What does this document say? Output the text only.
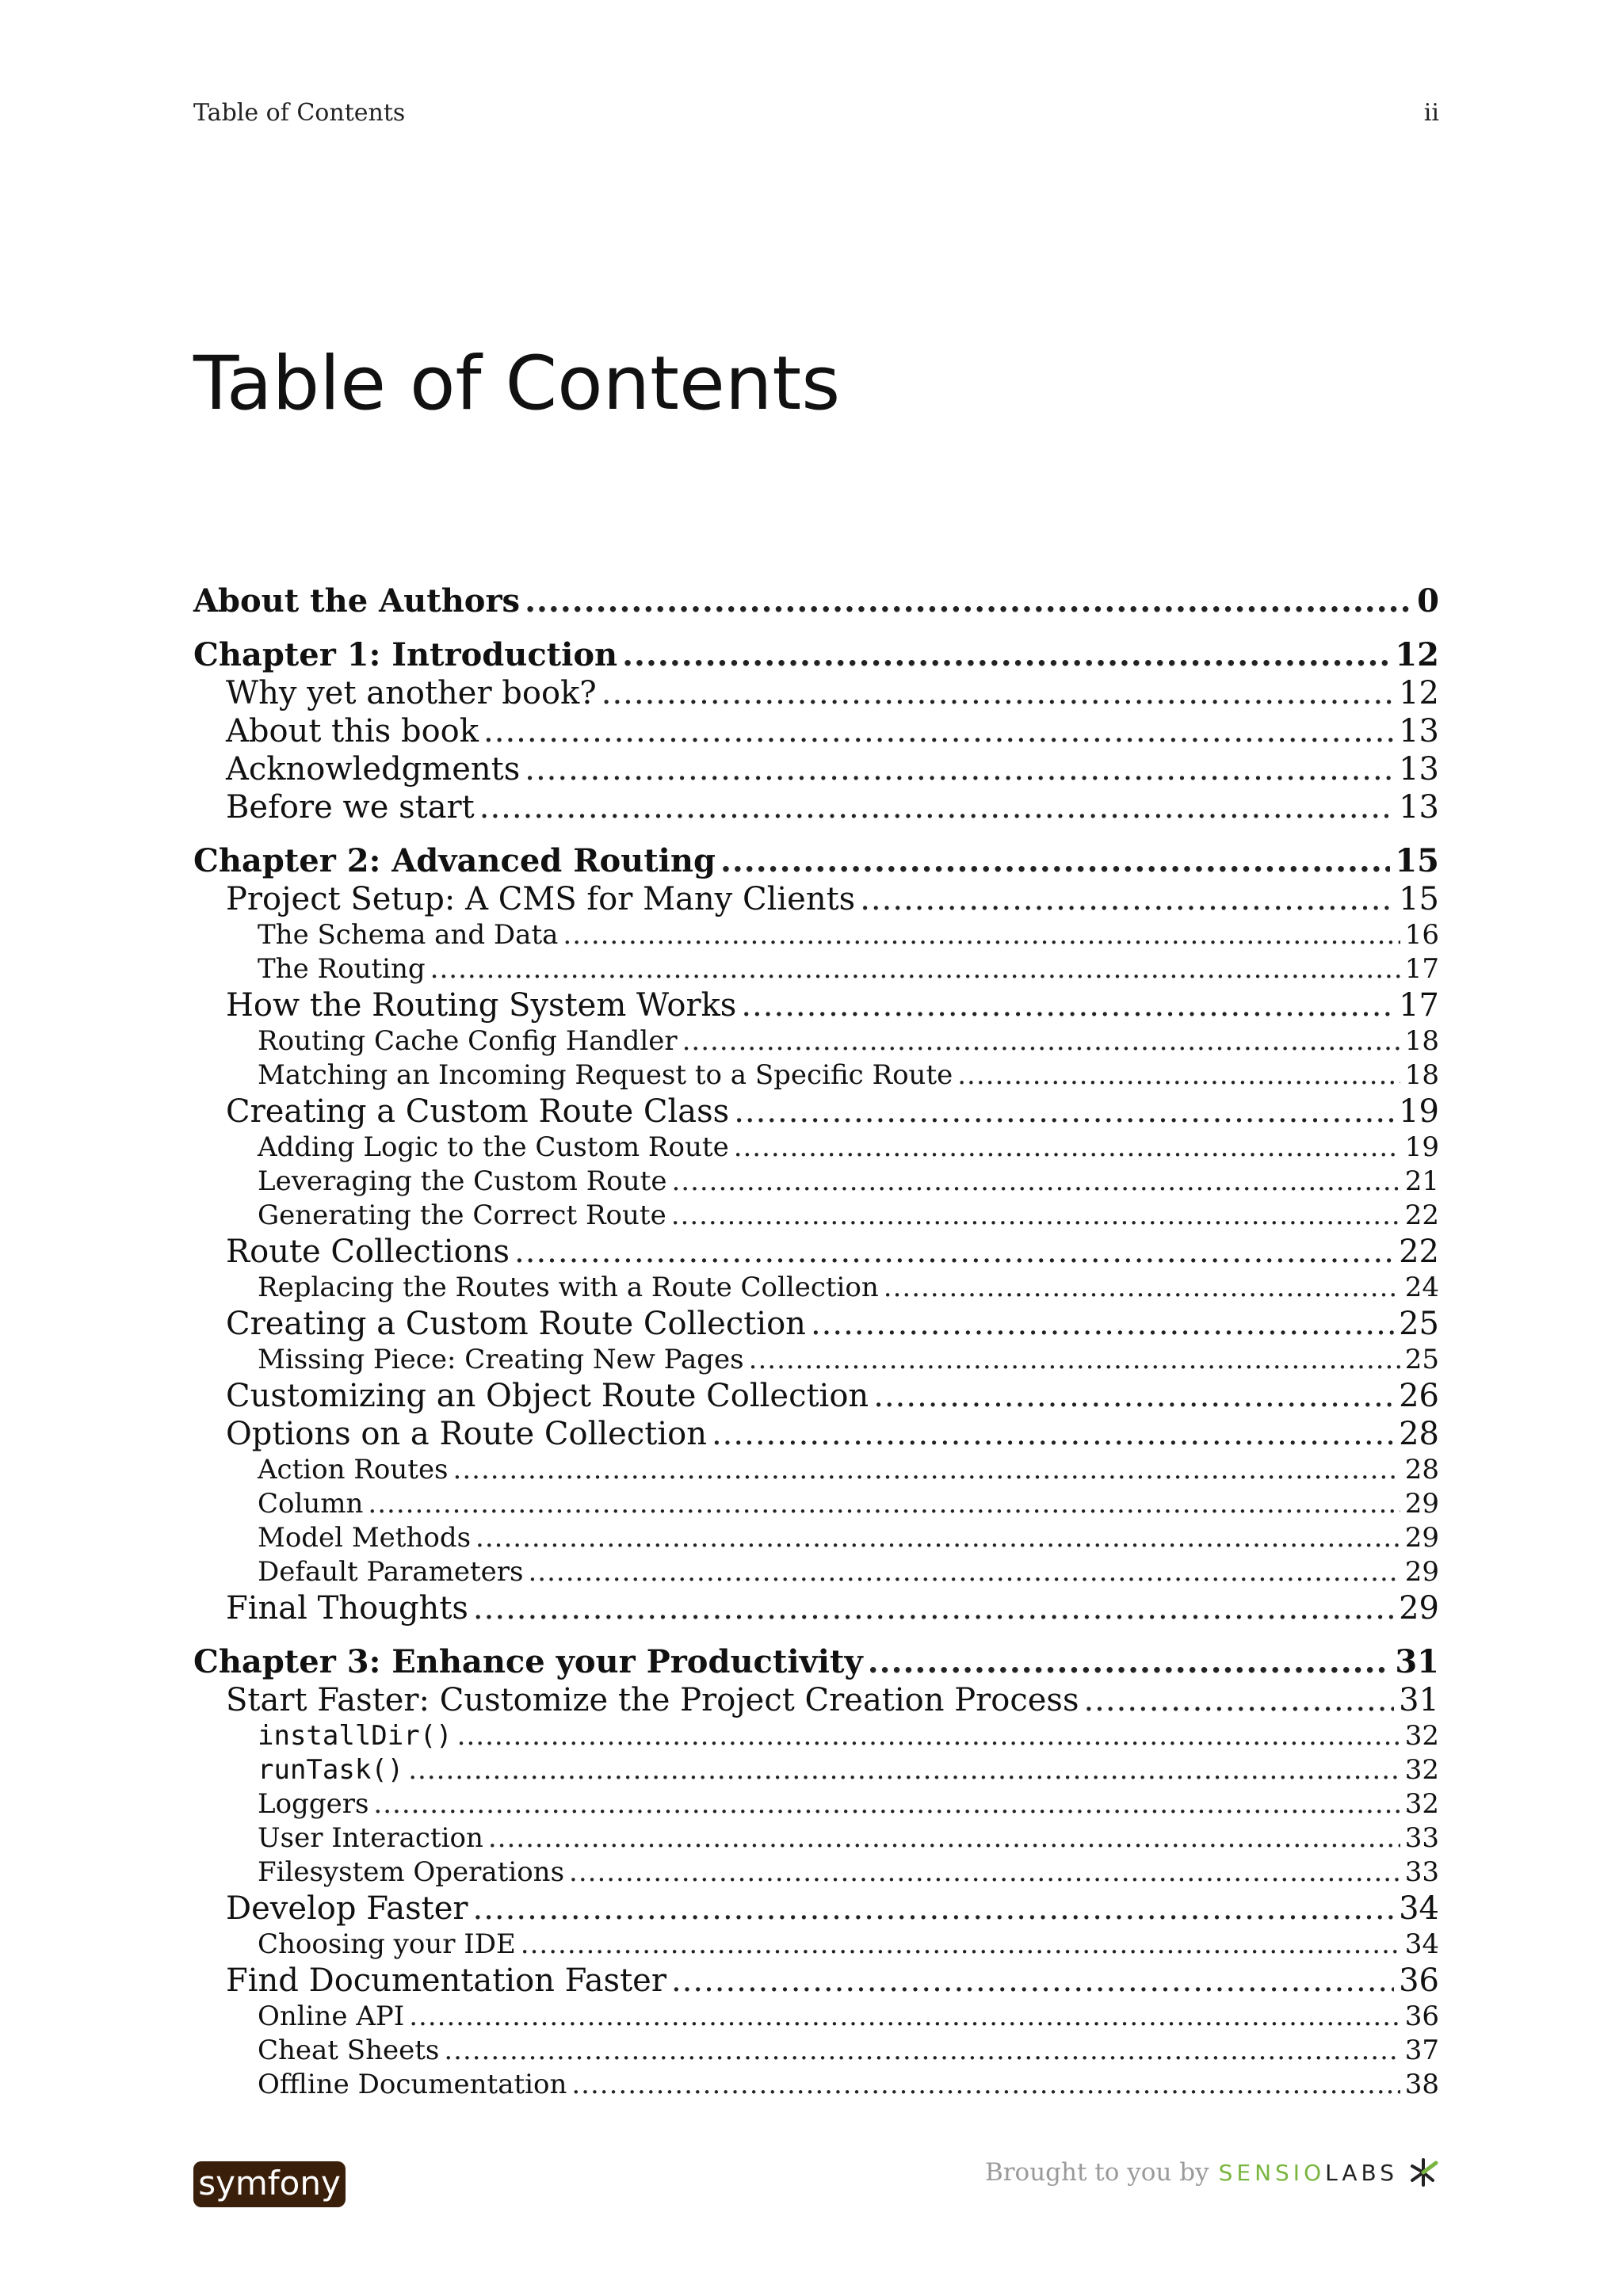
Table of Contents	ii
Table of Contents
About the Authors .....	0
Chapter 1: Introduction .....	12
Why yet another book? .....	12
About this book .....	13
Acknowledgments .....	13
Before we start .....	13
Chapter 2: Advanced Routing .....	15
Project Setup: A CMS for Many Clients .....	15
The Schema and Data .....	16
The Routing .....	17
How the Routing System Works .....	17
Routing Cache Config Handler .....	18
Matching an Incoming Request to a Specific Route .....	18
Creating a Custom Route Class .....	19
Adding Logic to the Custom Route .....	19
Leveraging the Custom Route .....	21
Generating the Correct Route .....	22
Route Collections .....	22
Replacing the Routes with a Route Collection .....	24
Creating a Custom Route Collection .....	25
Missing Piece: Creating New Pages .....	25
Customizing an Object Route Collection .....	26
Options on a Route Collection .....	28
Action Routes .....	28
Column .....	29
Model Methods .....	29
Default Parameters .....	29
Final Thoughts .....	29
Chapter 3: Enhance your Productivity .....	31
Start Faster: Customize the Project Creation Process .....	31
installDir() .....	32
runTask() .....	32
Loggers .....	32
User Interaction .....	33
Filesystem Operations .....	33
Develop Faster .....	34
Choosing your IDE .....	34
Find Documentation Faster .....	36
Online API .....	36
Cheat Sheets .....	37
Offline Documentation .....	38
symfony	Brought to you by SENSIO LABS
